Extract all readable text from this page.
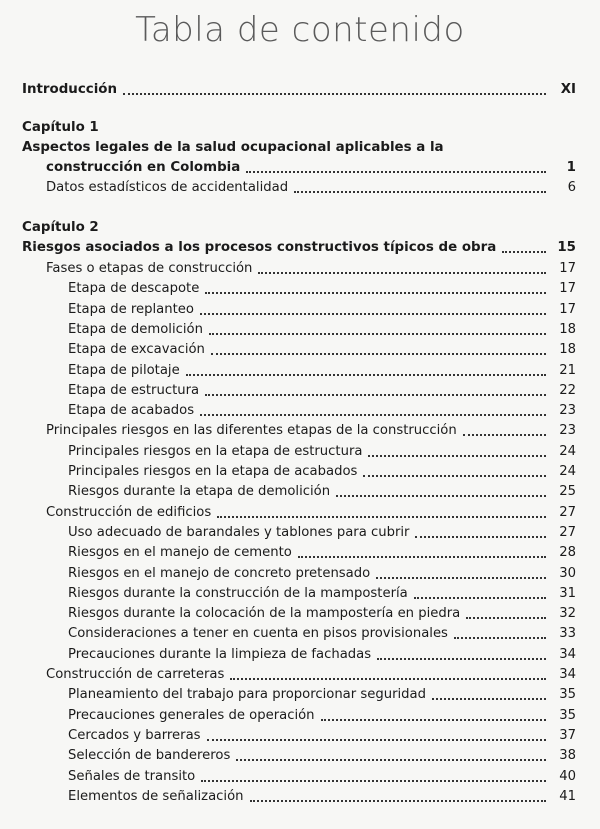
Tabla de contenido
Introducción	XI
Capítulo 1
Aspectos legales de la salud ocupacional aplicables a la
construcción en Colombia	1
Datos estadísticos de accidentalidad	6
Capítulo 2
Riesgos asociados a los procesos constructivos típicos de obra	15
Fases o etapas de construcción	17
Etapa de descapote	17
Etapa de replanteo	17
Etapa de demolición	18
Etapa de excavación	18
Etapa de pilotaje	21
Etapa de estructura	22
Etapa de acabados	23
Principales riesgos en las diferentes etapas de la construcción	23
Principales riesgos en la etapa de estructura	24
Principales riesgos en la etapa de acabados	24
Riesgos durante la etapa de demolición	25
Construcción de edificios	27
Uso adecuado de barandales y tablones para cubrir	27
Riesgos en el manejo de cemento	28
Riesgos en el manejo de concreto pretensado	30
Riesgos durante la construcción de la mampostería	31
Riesgos durante la colocación de la mampostería en piedra	32
Consideraciones a tener en cuenta en pisos provisionales	33
Precauciones durante la limpieza de fachadas	34
Construcción de carreteras	34
Planeamiento del trabajo para proporcionar seguridad	35
Precauciones generales de operación	35
Cercados y barreras	37
Selección de bandereros	38
Señales de transito	40
Elementos de señalización	41
